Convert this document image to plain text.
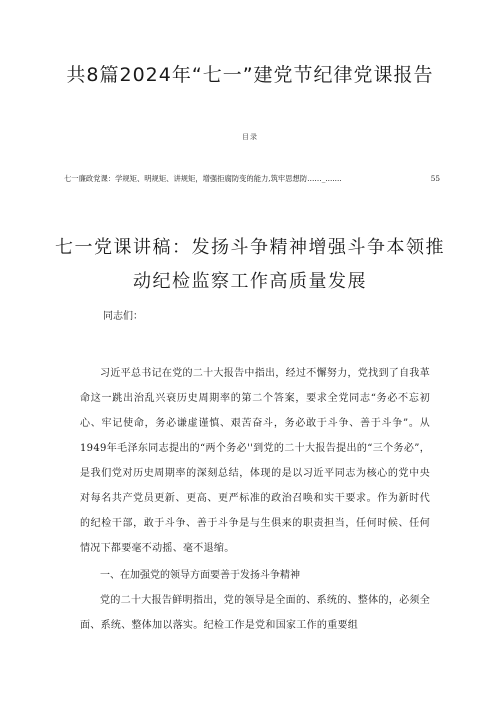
共8篇2024年“七一”建党节纪律党课报告
目录
七一廉政党课：学规矩、明规矩、讲规矩，增强拒腐防变的能力,筑牢思想防……_.......	55
七一党课讲稿：发扬斗争精神增强斗争本领推动纪检监察工作高质量发展
同志们：

习近平总书记在党的二十大报告中指出，经过不懈努力，党找到了自我革命这一跳出治乱兴衰历史周期率的第二个答案，要求全党同志“务必不忘初心、牢记使命，务必谦虚谨慎、艰苦奋斗，务必敢于斗争、善于斗争”。从1949年毛泽东同志提出的“两个务必''到党的二十大报告提出的“三个务必”，是我们党对历史周期率的深刻总结，体现的是以习近平同志为核心的党中央对每名共产党员更新、更高、更严标准的政治召唤和实干要求。作为新时代的纪检干部，敢于斗争、善于斗争是与生俱来的职责担当，任何时候、任何情况下都要毫不动摇、毫不退缩。

一、在加强党的领导方面要善于发扬斗争精神

党的二十大报告鲜明指出，党的领导是全面的、系统的、整体的，必须全面、系统、整体加以落实。纪检工作是党和国家工作的重要组
